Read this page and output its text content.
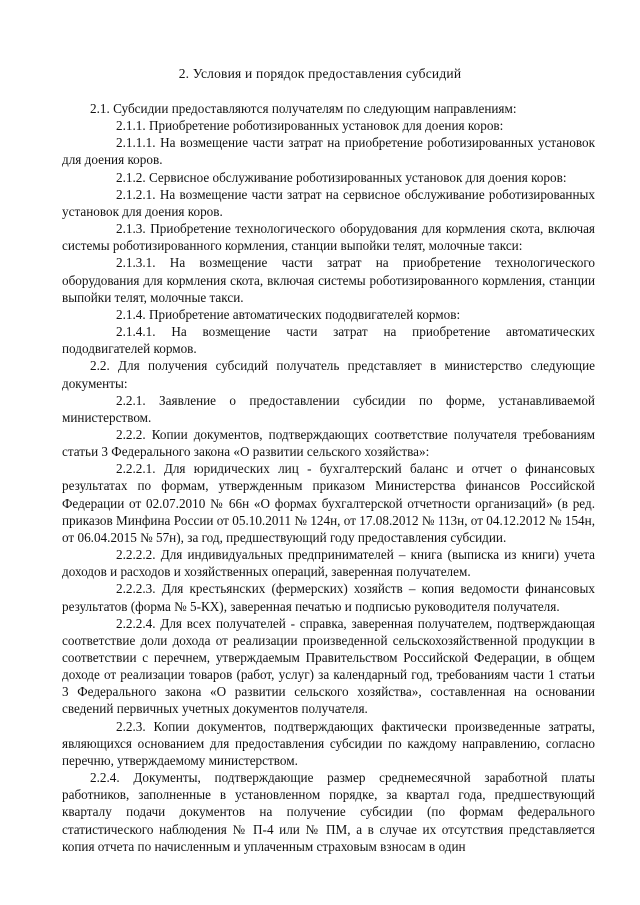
2. Условия и порядок предоставления субсидий

2.1. Субсидии предоставляются получателям по следующим направлениям:

2.1.1. Приобретение роботизированных установок для доения коров:

2.1.1.1. На возмещение части затрат на приобретение роботизированных установок для доения коров.

2.1.2. Сервисное обслуживание роботизированных установок для доения коров:

2.1.2.1. На возмещение части затрат на сервисное обслуживание роботизированных установок для доения коров.

2.1.3. Приобретение технологического оборудования для кормления скота, включая системы роботизированного кормления, станции выпойки телят, молочные такси:

2.1.3.1. На возмещение части затрат на приобретение технологического оборудования для кормления скота, включая системы роботизированного кормления, станции выпойки телят, молочные такси.

2.1.4. Приобретение автоматических пододвигателей кормов:

2.1.4.1. На возмещение части затрат на приобретение автоматических пододвигателей кормов.

2.2. Для получения субсидий получатель представляет в министерство следующие документы:

2.2.1. Заявление о предоставлении субсидии по форме, устанавливаемой министерством.

2.2.2. Копии документов, подтверждающих соответствие получателя требованиям статьи 3 Федерального закона «О развитии сельского хозяйства»:

2.2.2.1. Для юридических лиц - бухгалтерский баланс и отчет о финансовых результатах по формам, утвержденным приказом Министерства финансов Российской Федерации от 02.07.2010 № 66н «О формах бухгалтерской отчетности организаций» (в ред. приказов Минфина России от 05.10.2011 № 124н, от 17.08.2012 № 113н, от 04.12.2012 № 154н, от 06.04.2015 № 57н), за год, предшествующий году предоставления субсидии.

2.2.2.2. Для индивидуальных предпринимателей – книга (выписка из книги) учета доходов и расходов и хозяйственных операций, заверенная получателем.

2.2.2.3. Для крестьянских (фермерских) хозяйств – копия ведомости финансовых результатов (форма № 5-КХ), заверенная печатью и подписью руководителя получателя.

2.2.2.4. Для всех получателей - справка, заверенная получателем, подтверждающая соответствие доли дохода от реализации произведенной сельскохозяйственной продукции в соответствии с перечнем, утверждаемым Правительством Российской Федерации, в общем доходе от реализации товаров (работ, услуг) за календарный год, требованиям части 1 статьи 3 Федерального закона «О развитии сельского хозяйства», составленная на основании сведений первичных учетных документов получателя.

2.2.3. Копии документов, подтверждающих фактически произведенные затраты, являющихся основанием для предоставления субсидии по каждому направлению, согласно перечню, утверждаемому министерством.

2.2.4. Документы, подтверждающие размер среднемесячной заработной платы работников, заполненные в установленном порядке, за квартал года, предшествующий кварталу подачи документов на получение субсидии (по формам федерального статистического наблюдения № П-4 или № ПМ, а в случае их отсутствия представляется копия отчета по начисленным и уплаченным страховым взносам в один
